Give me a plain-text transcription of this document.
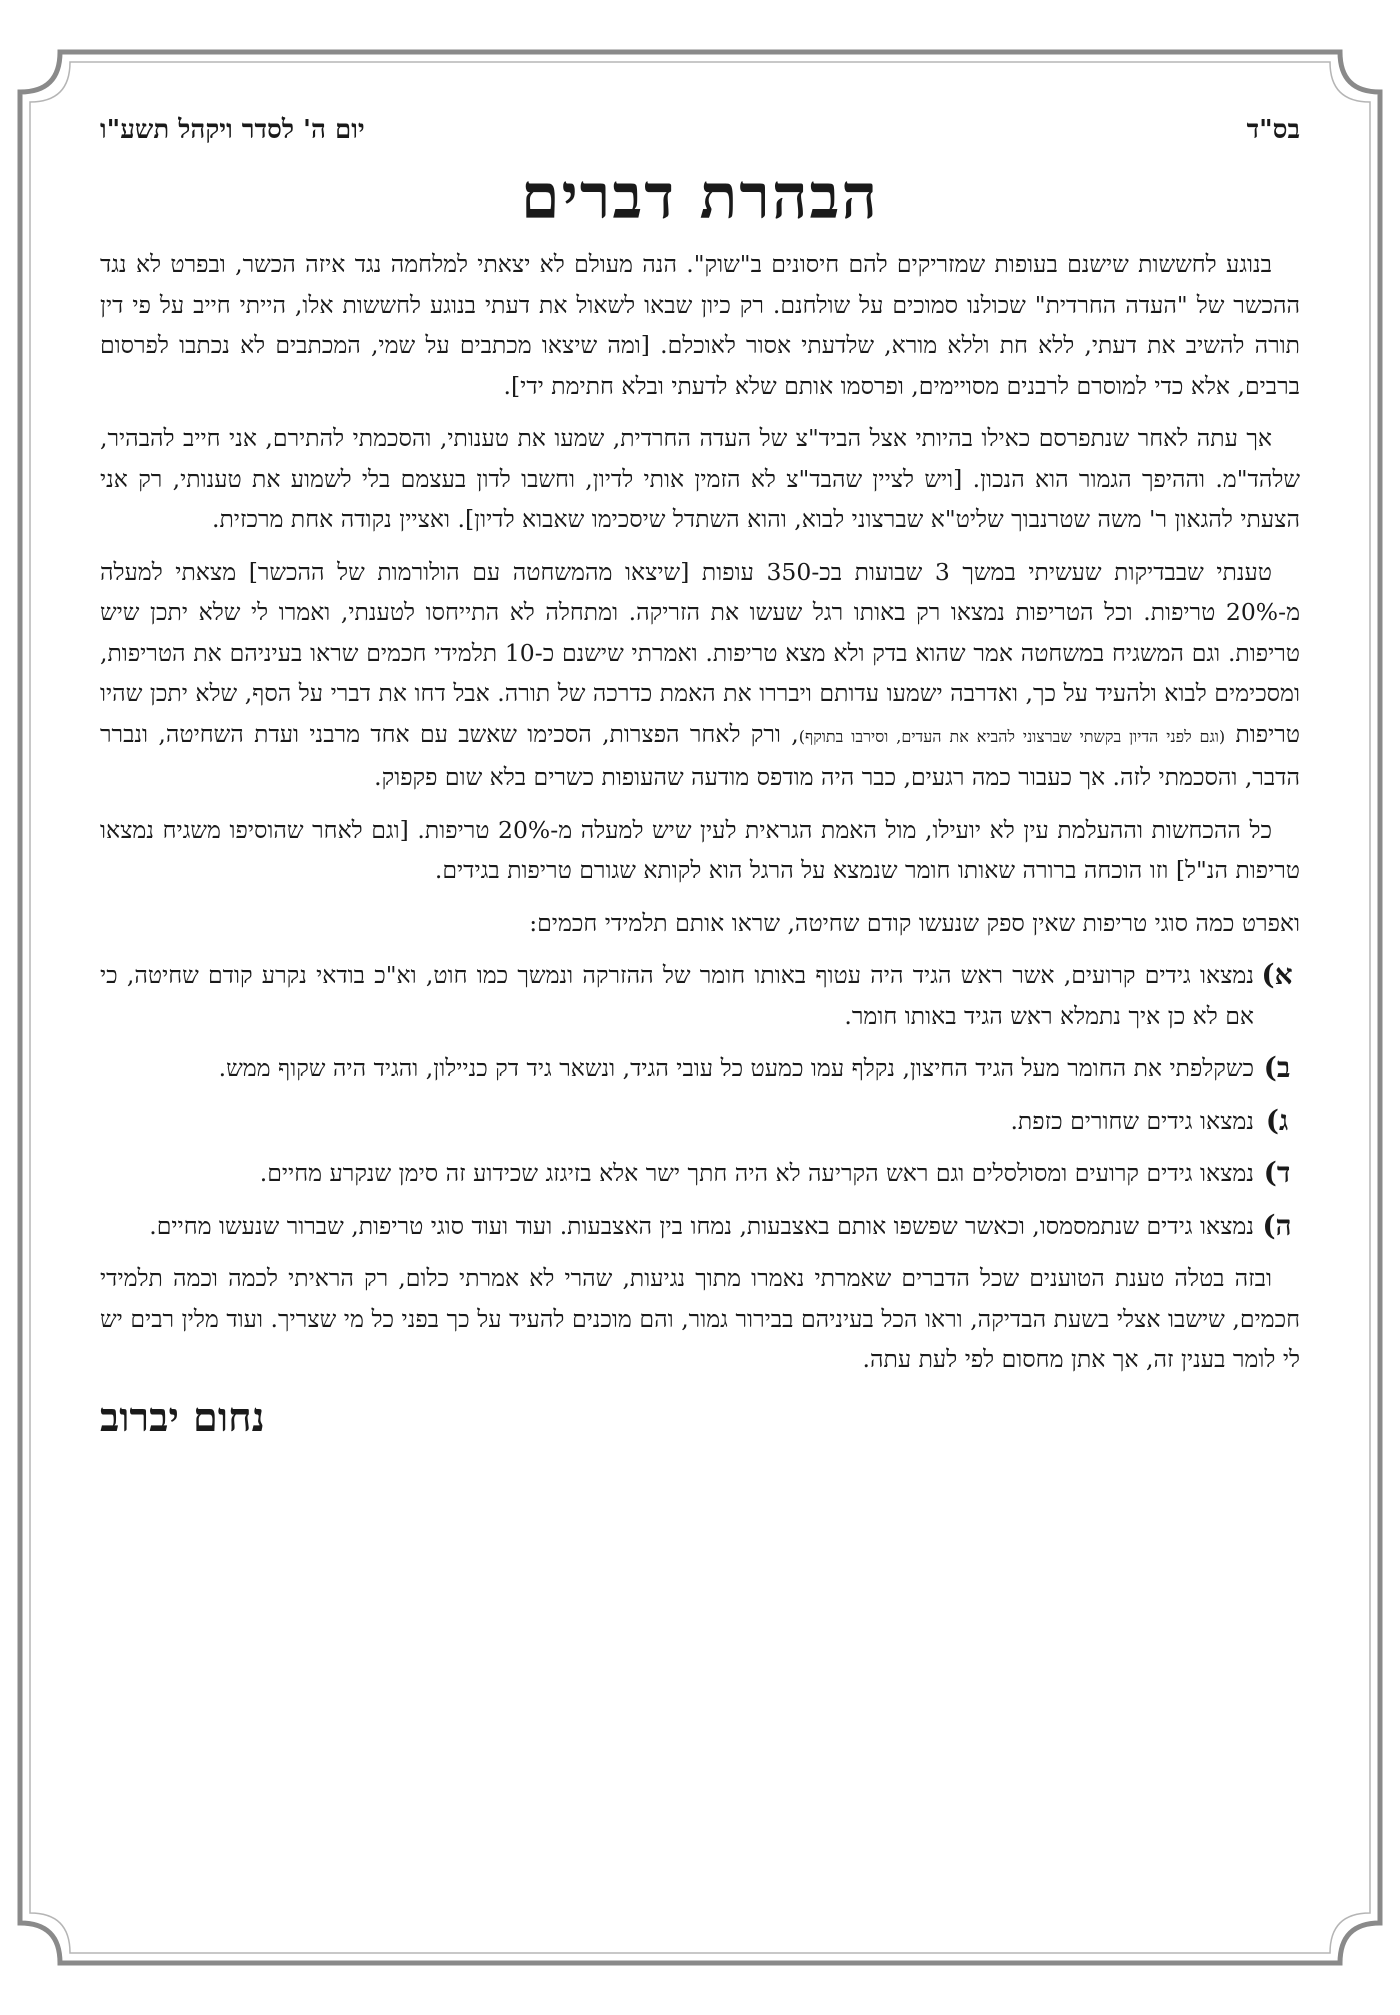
בס"ד
יום ה' לסדר ויקהל תשע"ו
הבהרת דברים

בנוגע לחששות שישנם בעופות שמזריקים להם חיסונים ב"שוק". הנה מעולם לא יצאתי למלחמה נגד איזה הכשר, ובפרט לא נגד ההכשר של "העדה החרדית" שכולנו סמוכים על שולחנם. רק כיון שבאו לשאול את דעתי בנוגע לחששות אלו, הייתי חייב על פי דין תורה להשיב את דעתי, ללא חת וללא מורא, שלדעתי אסור לאוכלם. [ומה שיצאו מכתבים על שמי, המכתבים לא נכתבו לפרסום ברבים, אלא כדי למוסרם לרבנים מסויימים, ופרסמו אותם שלא לדעתי ובלא חתימת ידי].

אך עתה לאחר שנתפרסם כאילו בהיותי אצל הביד"צ של העדה החרדית, שמעו את טענותי, והסכמתי להתירם, אני חייב להבהיר, שלהד"מ. וההיפך הגמור הוא הנכון. [ויש לציין שהבד"צ לא הזמין אותי לדיון, וחשבו לדון בעצמם בלי לשמוע את טענותי, רק אני הצעתי להגאון ר' משה שטרנבוך שליט"א שברצוני לבוא, והוא השתדל שיסכימו שאבוא לדיון]. ואציין נקודה אחת מרכזית.

טענתי שבבדיקות שעשיתי במשך 3 שבועות בכ-350 עופות [שיצאו מהמשחטה עם הולורמות של ההכשר] מצאתי למעלה מ-20% טריפות. וכל הטריפות נמצאו רק באותו רגל שעשו את הזריקה. ומתחלה לא התייחסו לטענתי, ואמרו לי שלא יתכן שיש טריפות. וגם המשגיח במשחטה אמר שהוא בדק ולא מצא טריפות. ואמרתי שישנם כ-10 תלמידי חכמים שראו בעיניהם את הטריפות, ומסכימים לבוא ולהעיד על כך, ואדרבה ישמעו עדותם ויבררו את האמת כדרכה של תורה. אבל דחו את דברי על הסף, שלא יתכן שהיו טריפות (וגם לפני הדיון בקשתי שברצוני להביא את העדים, וסירבו בתוקף), ורק לאחר הפצרות, הסכימו שאשב עם אחד מרבני ועדת השחיטה, ונברר הדבר, והסכמתי לזה. אך כעבור כמה רגעים, כבר היה מודפס מודעה שהעופות כשרים בלא שום פקפוק.

כל ההכחשות וההעלמת עין לא יועילו, מול האמת הגראית לעין שיש למעלה מ-20% טריפות. [וגם לאחר שהוסיפו משגיח נמצאו טריפות הנ"ל] וזו הוכחה ברורה שאותו חומר שנמצא על הרגל הוא לקותא שגורם טריפות בגידים.

ואפרט כמה סוגי טריפות שאין ספק שנעשו קודם שחיטה, שראו אותם תלמידי חכמים:

א)
נמצאו גידים קרועים, אשר ראש הגיד היה עטוף באותו חומר של ההזרקה ונמשך כמו חוט, וא"כ בודאי נקרע קודם שחיטה, כי אם לא כן איך נתמלא ראש הגיד באותו חומר.
ב)
כשקלפתי את החומר מעל הגיד החיצון, נקלף עמו כמעט כל עובי הגיד, ונשאר גיד דק כניילון, והגיד היה שקוף ממש.
ג)
נמצאו גידים שחורים כזפת.
ד)
נמצאו גידים קרועים ומסולסלים וגם ראש הקריעה לא היה חתך ישר אלא בזיגזג שכידוע זה סימן שנקרע מחיים.
ה)
נמצאו גידים שנתמסמסו, וכאשר שפשפו אותם באצבעות, נמחו בין האצבעות. ועוד ועוד סוגי טריפות, שברור שנעשו מחיים.

ובזה בטלה טענת הטוענים שכל הדברים שאמרתי נאמרו מתוך נגיעות, שהרי לא אמרתי כלום, רק הראיתי לכמה וכמה תלמידי חכמים, שישבו אצלי בשעת הבדיקה, וראו הכל בעיניהם בבירור גמור, והם מוכנים להעיד על כך בפני כל מי שצריך. ועוד מלין רבים יש לי לומר בענין זה, אך אתן מחסום לפי לעת עתה.

נחום יברוב
